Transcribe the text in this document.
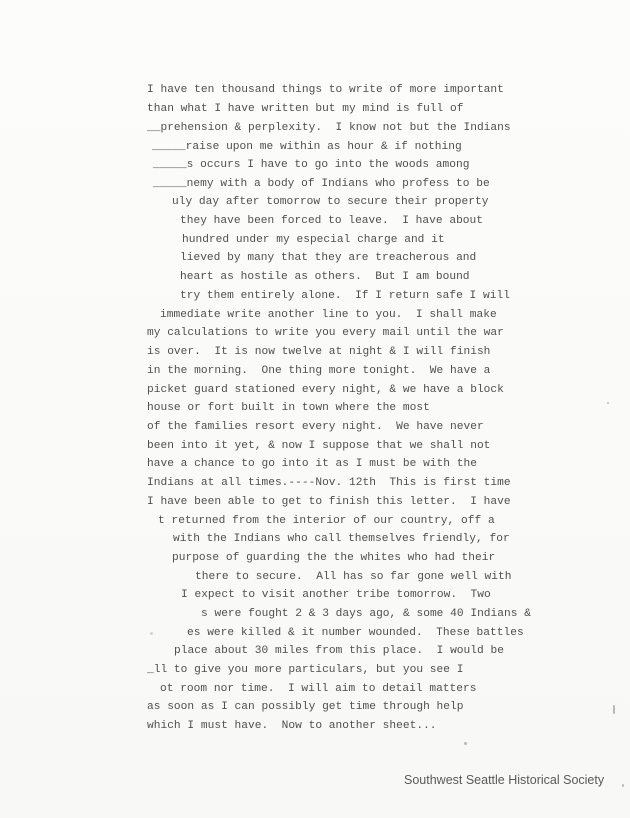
I have ten thousand things to write of more important
than what I have written but my mind is full of
__prehension & perplexity.  I know not but the Indians
_____raise upon me within as hour & if nothing
_____s occurs I have to go into the woods among
_____nemy with a body of Indians who profess to be
uly day after tomorrow to secure their property
they have been forced to leave.  I have about
hundred under my especial charge and it
lieved by many that they are treacherous and
heart as hostile as others.  But I am bound
try them entirely alone.  If I return safe I will
immediate write another line to you.  I shall make
my calculations to write you every mail until the war
is over.  It is now twelve at night & I will finish
in the morning.  One thing more tonight.  We have a
picket guard stationed every night, & we have a block
house or fort built in town where the most
of the families resort every night.  We have never
been into it yet, & now I suppose that we shall not
have a chance to go into it as I must be with the
Indians at all times.----Nov. 12th  This is first time
I have been able to get to finish this letter.  I have
t returned from the interior of our country, off a
with the Indians who call themselves friendly, for
purpose of guarding the the whites who had their
there to secure.  All has so far gone well with
I expect to visit another tribe tomorrow.  Two
s were fought 2 & 3 days ago, & some 40 Indians &
es were killed & it number wounded.  These battles
place about 30 miles from this place.  I would be
_ll to give you more particulars, but you see I
ot room nor time.  I will aim to detail matters
as soon as I can possibly get time through help
which I must have.  Now to another sheet...
Southwest Seattle Historical Society
